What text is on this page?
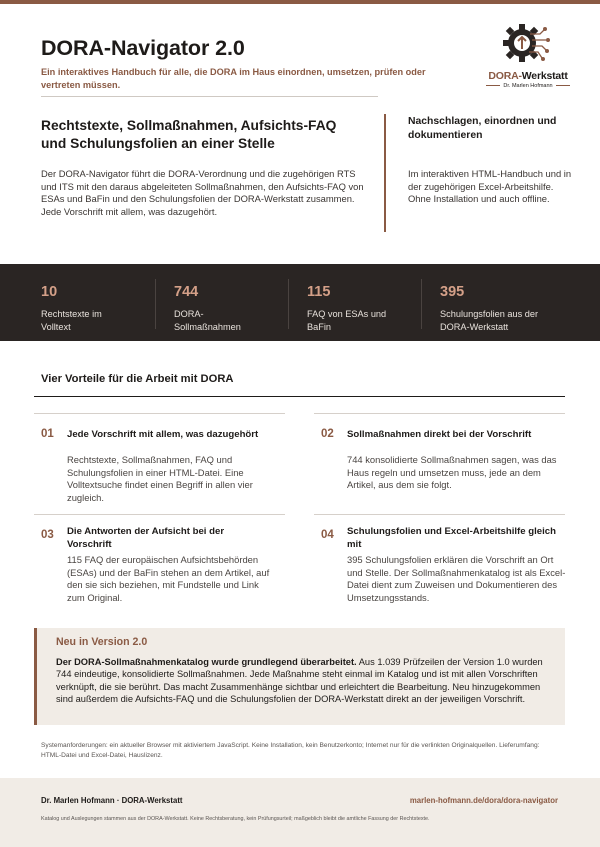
DORA-Navigator 2.0
Ein interaktives Handbuch für alle, die DORA im Haus einordnen, umsetzen, prüfen oder vertreten müssen.
DORA-Werkstatt
Dr. Marlen Hofmann
Rechtstexte, Sollmaßnahmen, Aufsichts-FAQ und Schulungsfolien an einer Stelle
Der DORA-Navigator führt die DORA-Verordnung und die zugehörigen RTS und ITS mit den daraus abgeleiteten Sollmaßnahmen, den Aufsichts-FAQ von ESAs und BaFin und den Schulungsfolien der DORA-Werkstatt zusammen. Jede Vorschrift mit allem, was dazugehört.
Nachschlagen, einordnen und dokumentieren
Im interaktiven HTML-Handbuch und in der zugehörigen Excel-Arbeitshilfe. Ohne Installation und auch offline.
10
Rechtstexte im Volltext
744
DORA-Sollmaßnahmen
115
FAQ von ESAs und BaFin
395
Schulungsfolien aus der DORA-Werkstatt
Vier Vorteile für die Arbeit mit DORA
01 Jede Vorschrift mit allem, was dazugehört
Rechtstexte, Sollmaßnahmen, FAQ und Schulungsfolien in einer HTML-Datei. Eine Volltextsuche findet einen Begriff in allen vier zugleich.
02 Sollmaßnahmen direkt bei der Vorschrift
744 konsolidierte Sollmaßnahmen sagen, was das Haus regeln und umsetzen muss, jede an dem Artikel, aus dem sie folgt.
03 Die Antworten der Aufsicht bei der Vorschrift
115 FAQ der europäischen Aufsichtsbehörden (ESAs) und der BaFin stehen an dem Artikel, auf den sie sich beziehen, mit Fundstelle und Link zum Original.
04 Schulungsfolien und Excel-Arbeitshilfe gleich mit
395 Schulungsfolien erklären die Vorschrift an Ort und Stelle. Der Sollmaßnahmenkatalog ist als Excel-Datei dient zum Zuweisen und Dokumentieren des Umsetzungsstands.
Neu in Version 2.0
Der DORA-Sollmaßnahmenkatalog wurde grundlegend überarbeitet. Aus 1.039 Prüfzeilen der Version 1.0 wurden 744 eindeutige, konsolidierte Sollmaßnahmen. Jede Maßnahme steht einmal im Katalog und ist mit allen Vorschriften verknüpft, die sie berührt. Das macht Zusammenhänge sichtbar und erleichtert die Bearbeitung. Neu hinzugekommen sind außerdem die Aufsichts-FAQ und die Schulungsfolien der DORA-Werkstatt direkt an der jeweiligen Vorschrift.
Systemanforderungen: ein aktueller Browser mit aktiviertem JavaScript. Keine Installation, kein Benutzerkonto; Internet nur für die verlinkten Originalquellen. Lieferumfang: HTML-Datei und Excel-Datei, Hauslizenz.
Dr. Marlen Hofmann · DORA-Werkstatt	marlen-hofmann.de/dora/dora-navigator
Katalog und Auslegungen stammen aus der DORA-Werkstatt. Keine Rechtsberatung, kein Prüfungsurteil; maßgeblich bleibt die amtliche Fassung der Rechtstexte.
